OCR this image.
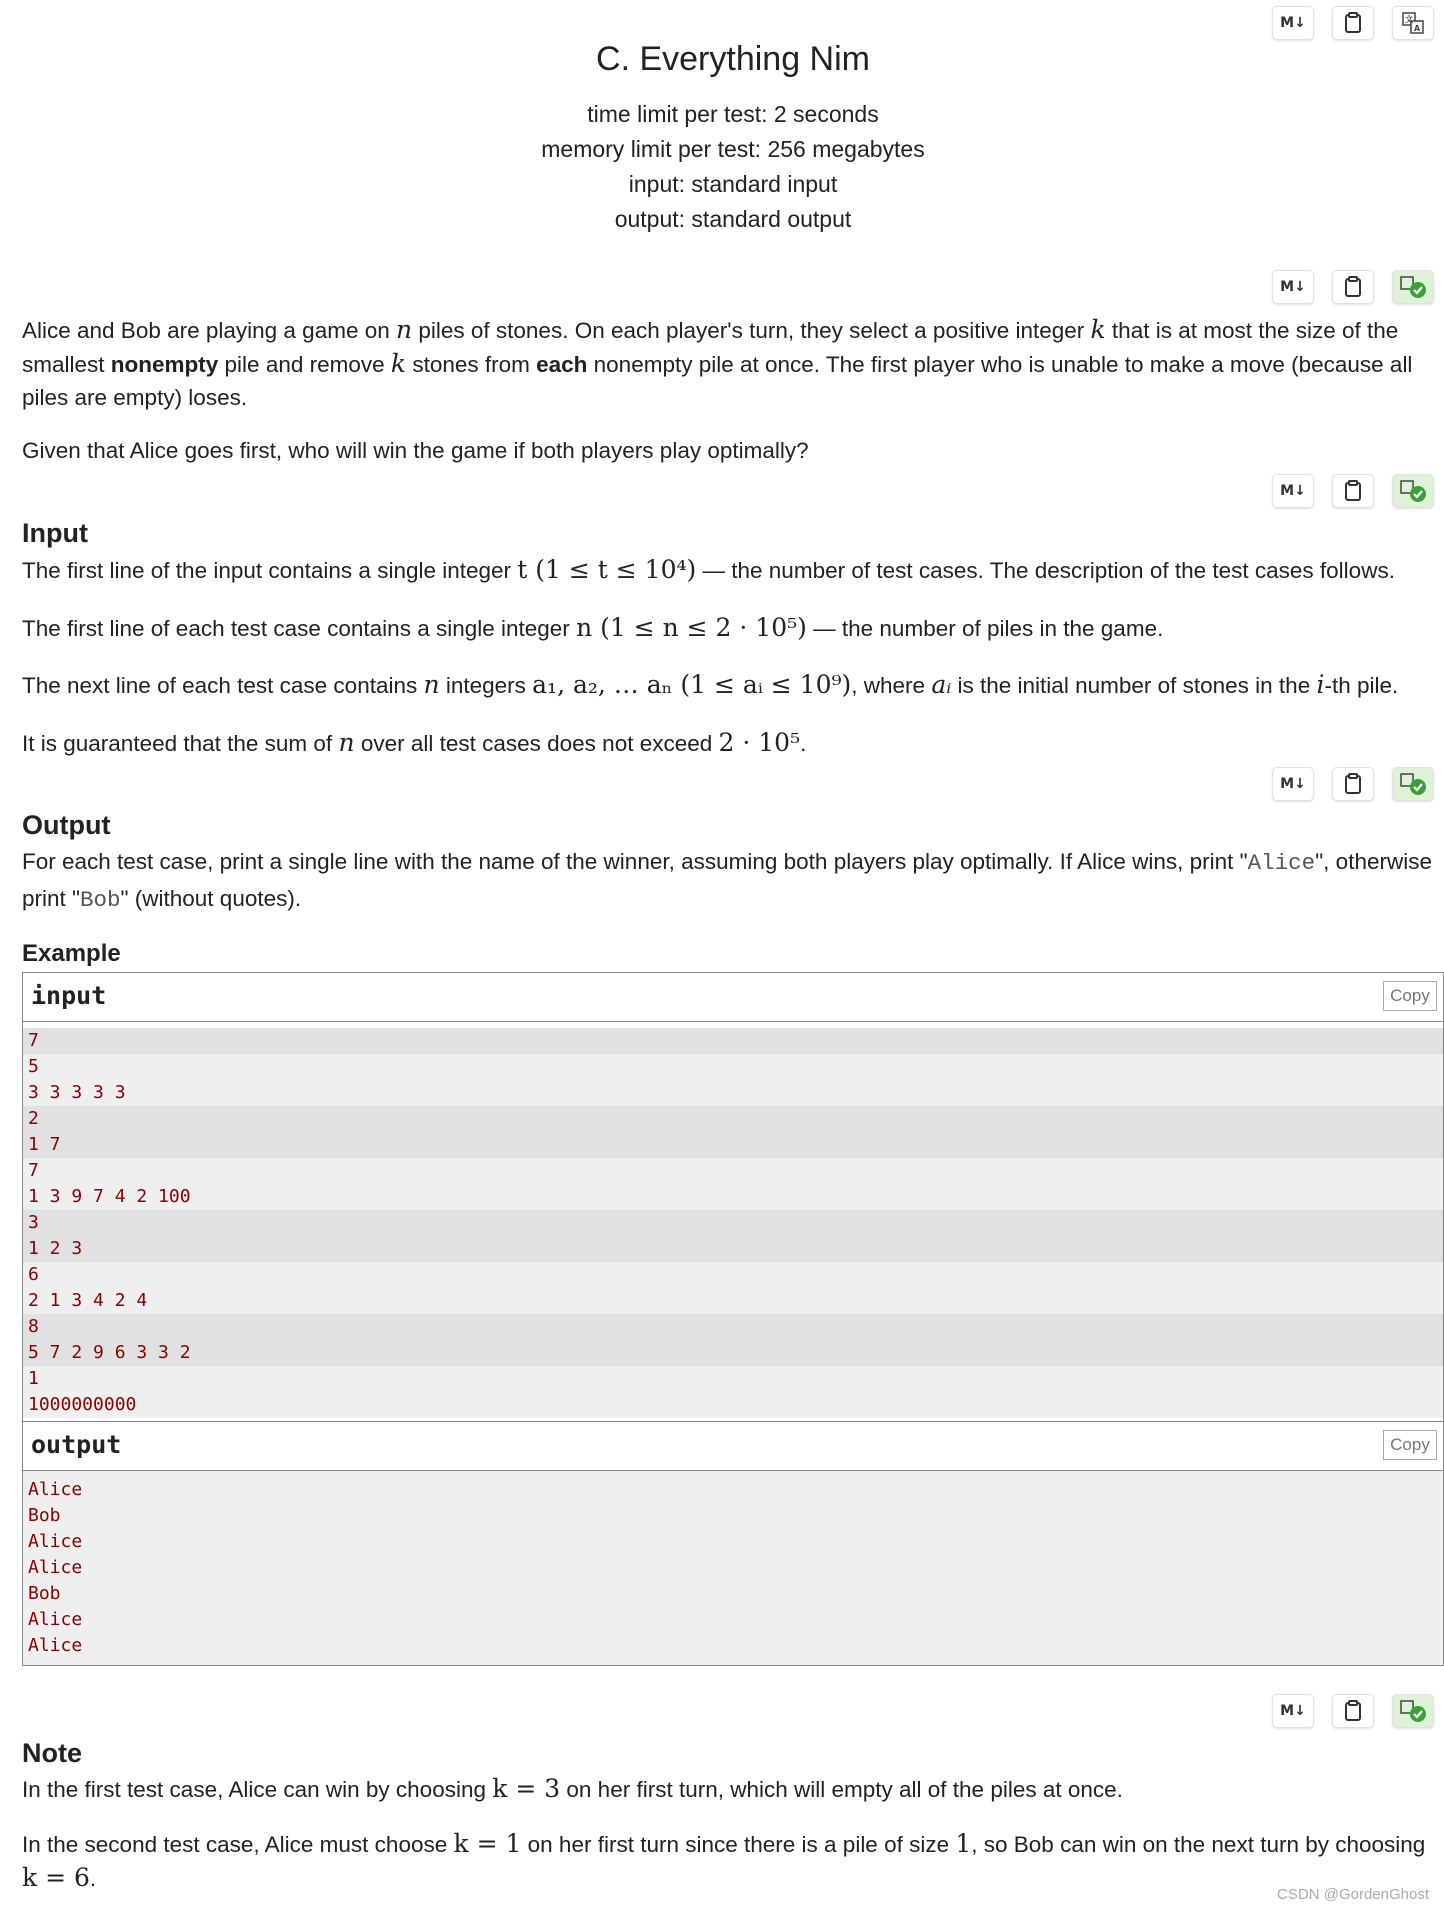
M↓	A
文
C. Everything Nim
time limit per test: 2 seconds
memory limit per test: 256 megabytes
input: standard input
output: standard output
M↓
Alice and Bob are playing a game on n piles of stones. On each player's turn, they select a positive integer k that is at most the size of the smallest nonempty pile and remove k stones from each nonempty pile at once. The first player who is unable to make a move (because all piles are empty) loses.
Given that Alice goes first, who will win the game if both players play optimally?
M↓
Input
The first line of the input contains a single integer t (1 ≤ t ≤ 10⁴) — the number of test cases. The description of the test cases follows.
The first line of each test case contains a single integer n (1 ≤ n ≤ 2 · 10⁵) — the number of piles in the game.
The next line of each test case contains n integers a₁, a₂, … aₙ (1 ≤ aᵢ ≤ 10⁹), where aᵢ is the initial number of stones in the i-th pile.
It is guaranteed that the sum of n over all test cases does not exceed 2 · 10⁵.
M↓
Output
For each test case, print a single line with the name of the winner, assuming both players play optimally. If Alice wins, print "Alice", otherwise print "Bob" (without quotes).
Example
input	Copy
7
5
3 3 3 3 3
2
1 7
7
1 3 9 7 4 2 100
3
1 2 3
6
2 1 3 4 2 4
8
5 7 2 9 6 3 3 2
1
1000000000
output	Copy
Alice
Bob
Alice
Alice
Bob
Alice
Alice
M↓
Note
In the first test case, Alice can win by choosing k = 3 on her first turn, which will empty all of the piles at once.
In the second test case, Alice must choose k = 1 on her first turn since there is a pile of size 1, so Bob can win on the next turn by choosing k = 6.
CSDN @GordenGhost
